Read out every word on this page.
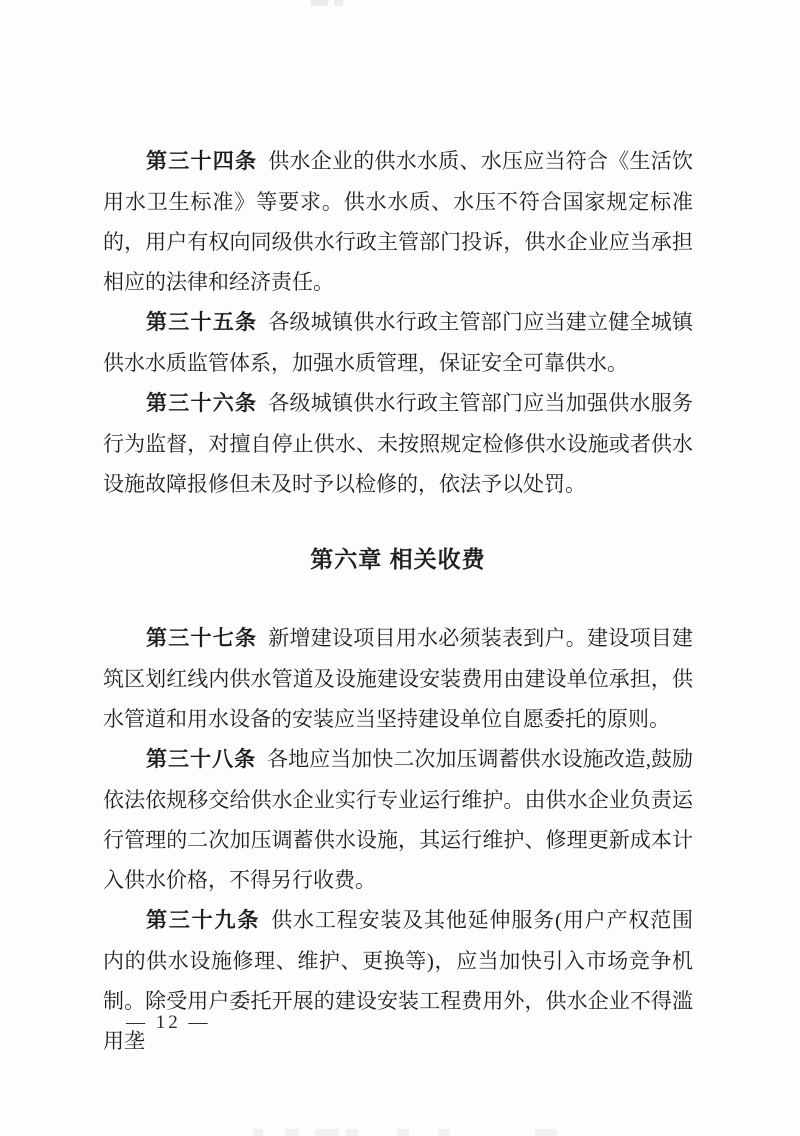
第三十四条 供水企业的供水水质、水压应当符合《生活饮用水卫生标准》等要求。供水水质、水压不符合国家规定标准的，用户有权向同级供水行政主管部门投诉，供水企业应当承担相应的法律和经济责任。

第三十五条 各级城镇供水行政主管部门应当建立健全城镇供水水质监管体系，加强水质管理，保证安全可靠供水。

第三十六条 各级城镇供水行政主管部门应当加强供水服务行为监督，对擅自停止供水、未按照规定检修供水设施或者供水设施故障报修但未及时予以检修的，依法予以处罚。

第六章 相关收费

第三十七条 新增建设项目用水必须装表到户。建设项目建筑区划红线内供水管道及设施建设安装费用由建设单位承担，供水管道和用水设备的安装应当坚持建设单位自愿委托的原则。

第三十八条 各地应当加快二次加压调蓄供水设施改造,鼓励依法依规移交给供水企业实行专业运行维护。由供水企业负责运行管理的二次加压调蓄供水设施，其运行维护、修理更新成本计入供水价格，不得另行收费。

第三十九条 供水工程安装及其他延伸服务(用户产权范围内的供水设施修理、维护、更换等)，应当加快引入市场竞争机制。除受用户委托开展的建设安装工程费用外，供水企业不得滥用垄

— 12 —
